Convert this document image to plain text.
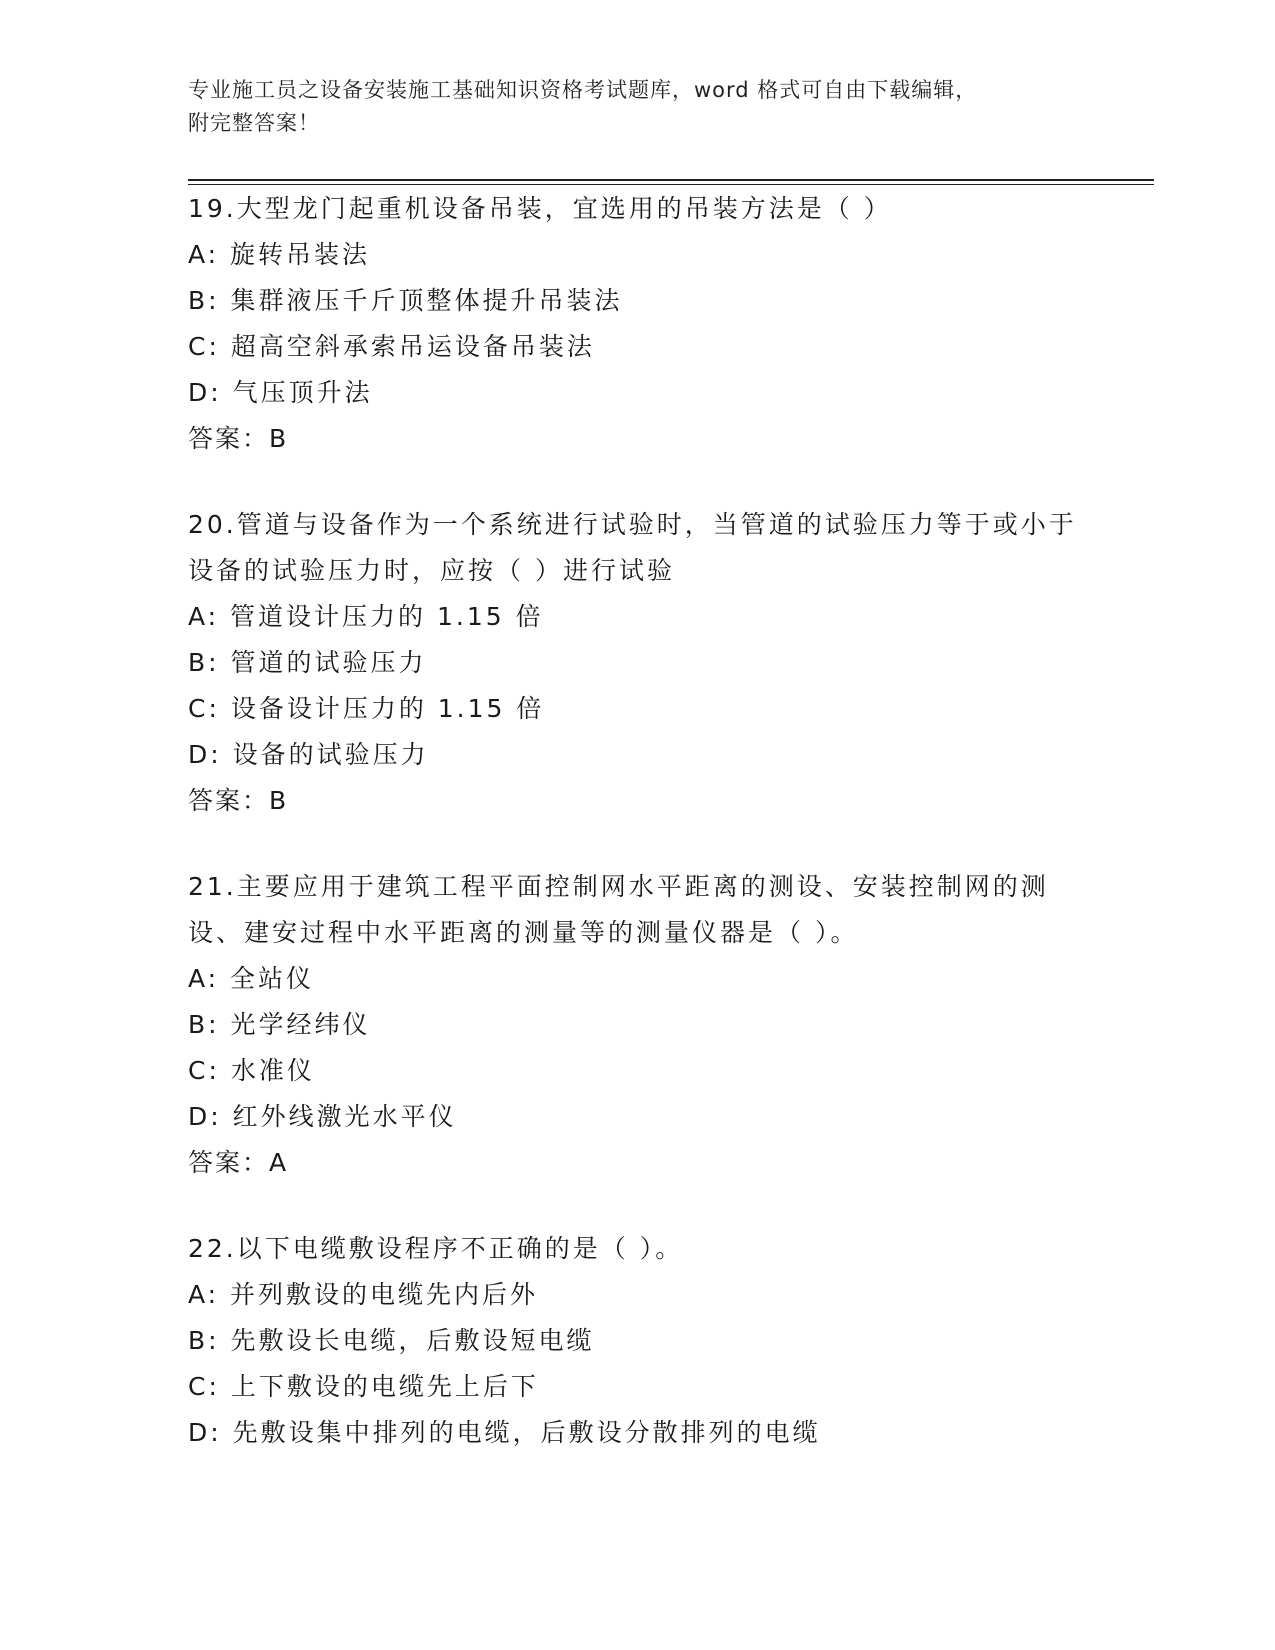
专业施工员之设备安装施工基础知识资格考试题库，word 格式可自由下载编辑，
附完整答案！
19.大型龙门起重机设备吊装，宜选用的吊装方法是（ ）
A: 旋转吊装法
B: 集群液压千斤顶整体提升吊装法
C: 超高空斜承索吊运设备吊装法
D: 气压顶升法
答案：B
20.管道与设备作为一个系统进行试验时，当管道的试验压力等于或小于设备的试验压力时，应按（ ）进行试验
A: 管道设计压力的 1.15 倍
B: 管道的试验压力
C: 设备设计压力的 1.15 倍
D: 设备的试验压力
答案：B
21.主要应用于建筑工程平面控制网水平距离的测设、安装控制网的测设、建安过程中水平距离的测量等的测量仪器是（ ）。
A: 全站仪
B: 光学经纬仪
C: 水准仪
D: 红外线激光水平仪
答案：A
22.以下电缆敷设程序不正确的是（ ）。
A: 并列敷设的电缆先内后外
B: 先敷设长电缆，后敷设短电缆
C: 上下敷设的电缆先上后下
D: 先敷设集中排列的电缆，后敷设分散排列的电缆
